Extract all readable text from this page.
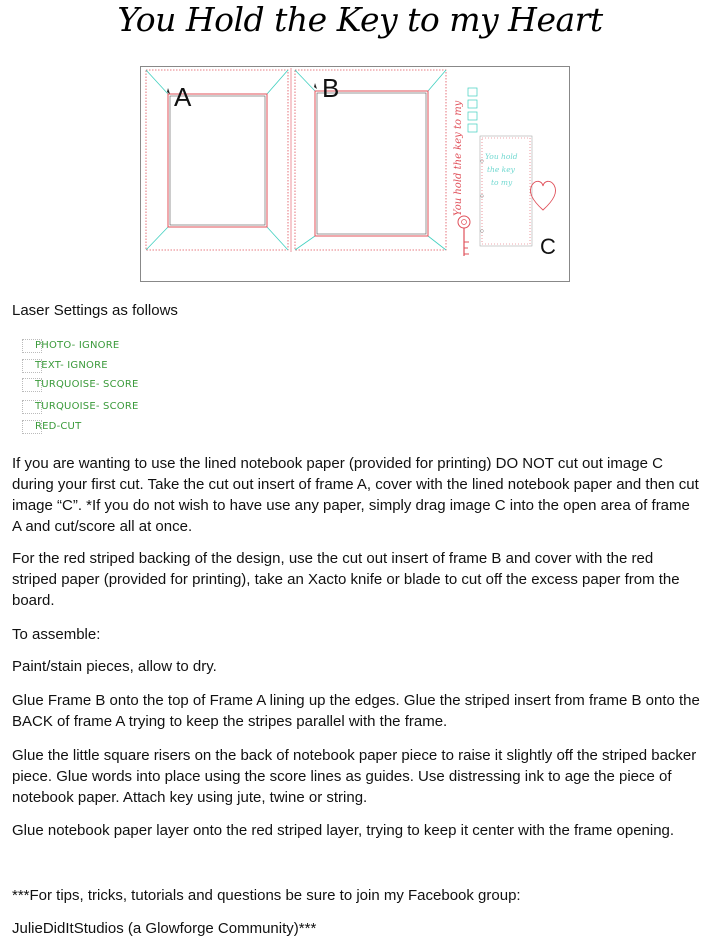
You Hold the Key to my Heart
A	B
You hold the key to my	You hold
the key
to my
C

Laser Settings as follows

PHOTO- IGNORE
TEXT- IGNORE
TURQUOISE- SCORE
TURQUOISE- SCORE
RED-CUT

If you are wanting to use the lined notebook paper (provided for printing) DO NOT cut out image C during your first cut. Take the cut out insert of frame A, cover with the lined notebook paper and then cut image “C”. *If you do not wish to have use any paper, simply drag image C into the open area of frame A and cut/score all at once.

For the red striped backing of the design, use the cut out insert of frame B and cover with the red striped paper (provided for printing), take an Xacto knife or blade to cut off the excess paper from the board.

To assemble:

Paint/stain pieces, allow to dry.

Glue Frame B onto the top of Frame A lining up the edges. Glue the striped insert from frame B onto the BACK of frame A trying to keep the stripes parallel with the frame.

Glue the little square risers on the back of notebook paper piece to raise it slightly off the striped backer piece. Glue words into place using the score lines as guides. Use distressing ink to age the piece of notebook paper. Attach key using jute, twine or string.

Glue notebook paper layer onto the red striped layer, trying to keep it center with the frame opening.

***For tips, tricks, tutorials and questions be sure to join my Facebook group:

JulieDidItStudios (a Glowforge Community)***
